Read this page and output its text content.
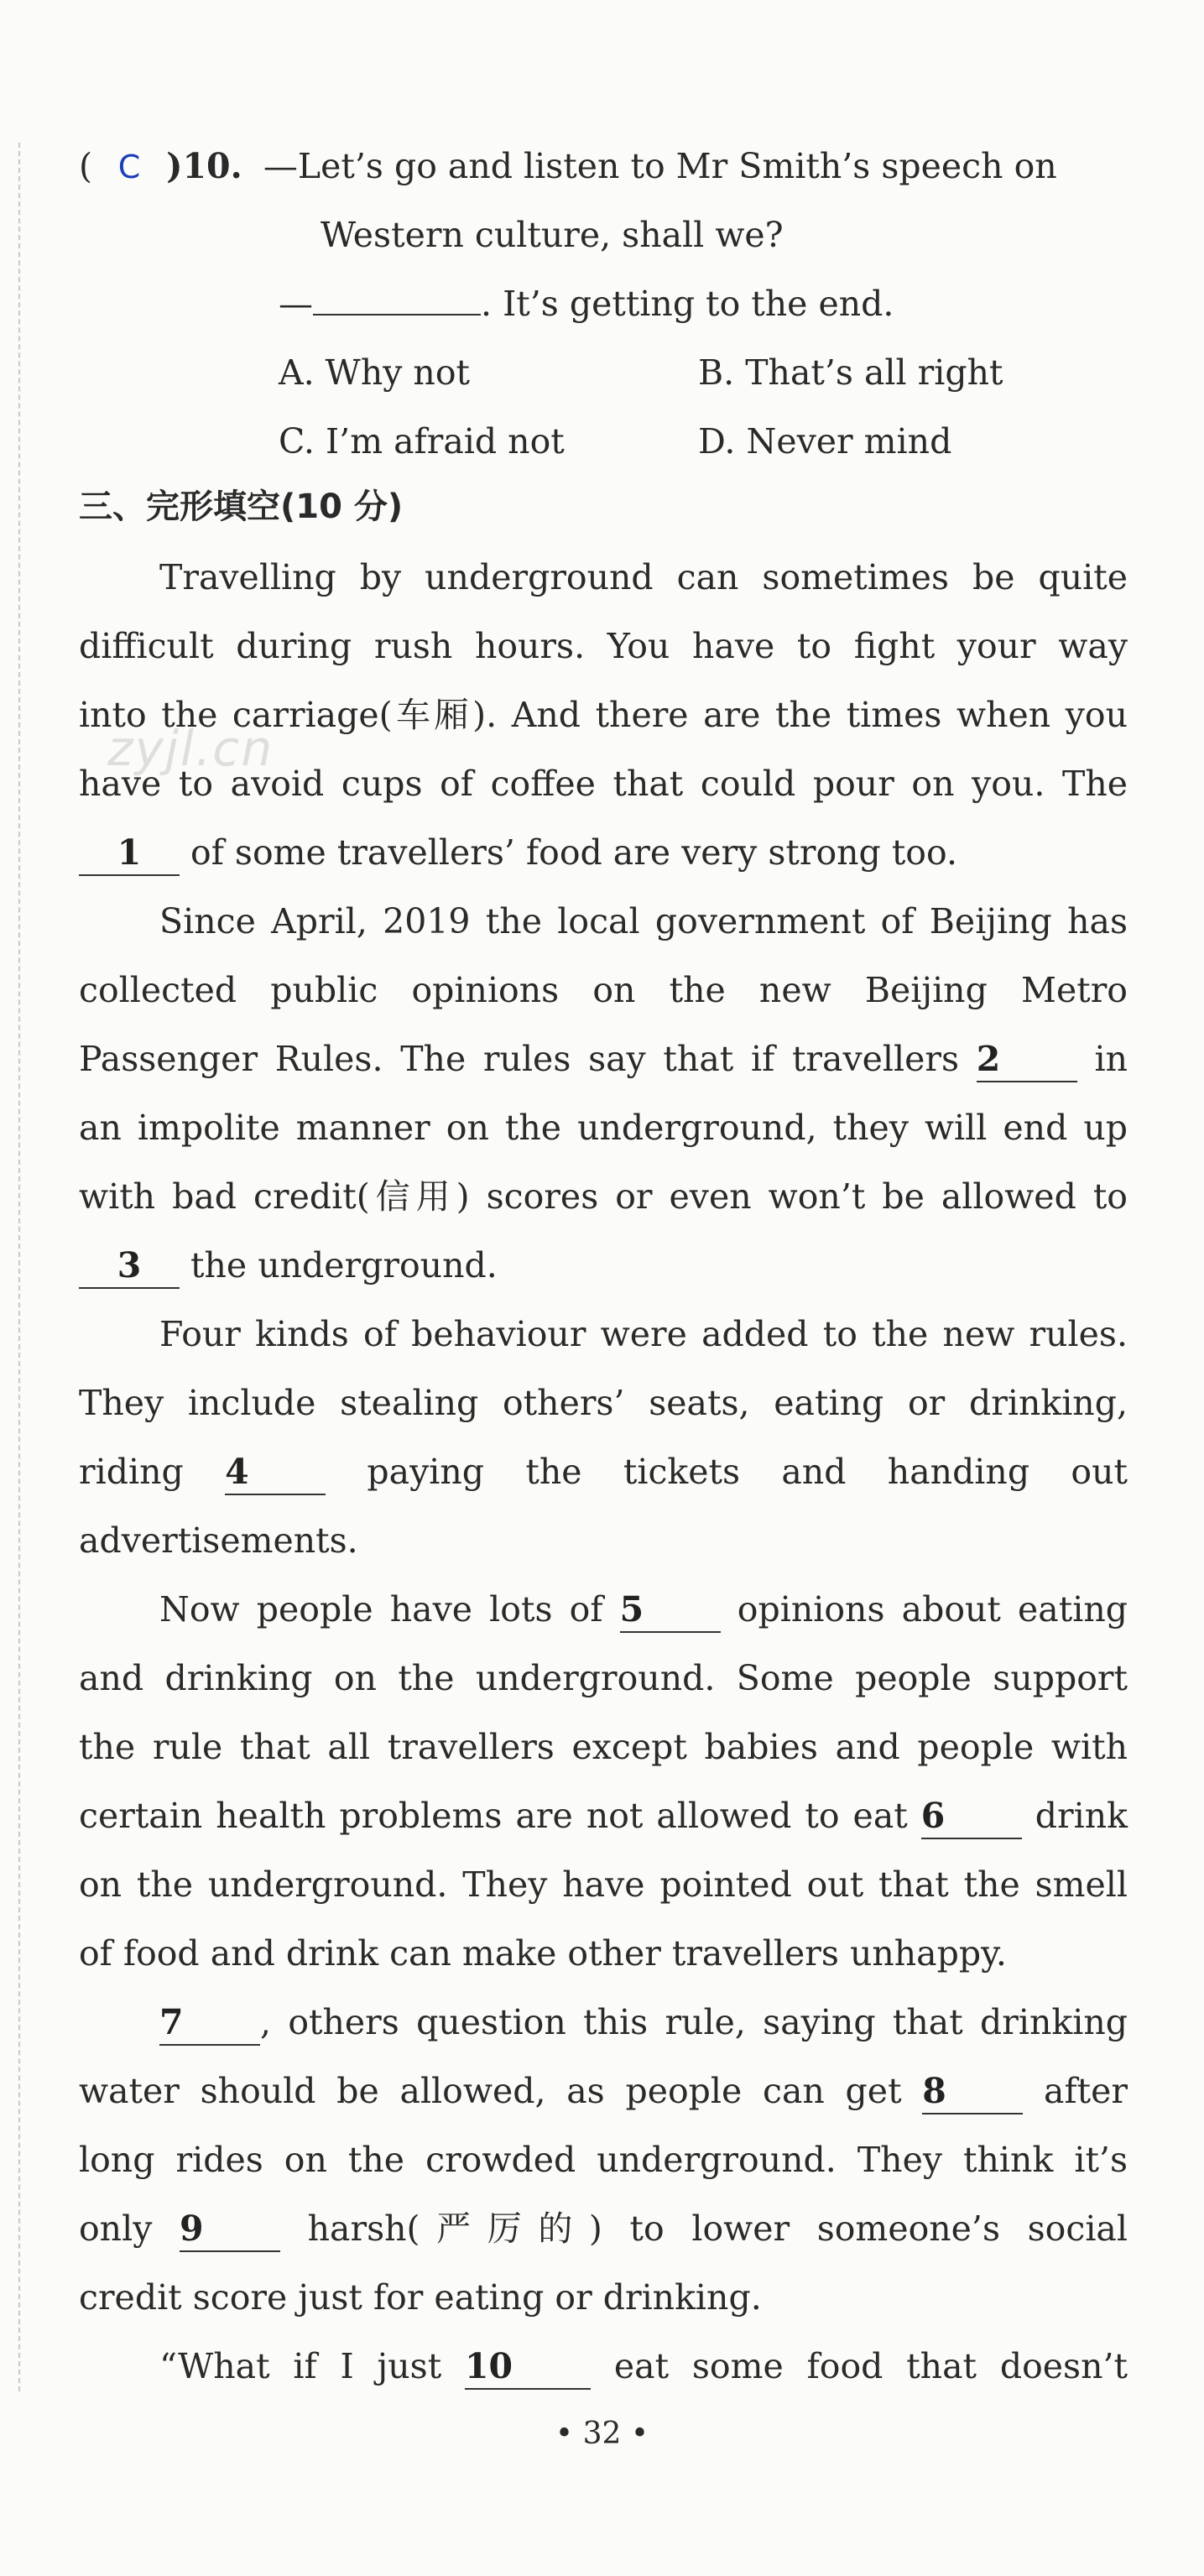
zyjl.cn
( C )10. —Let’s go and listen to Mr Smith’s speech on
Western culture, shall we?
—	. It’s getting to the end.
A. Why not	B. That’s all right
C. I’m afraid not	D. Never mind
三、完形填空(10 分)
Travelling by underground can sometimes be quite
difficult during rush hours. You have to fight your way
into the carriage(车厢). And there are the times when you
have to avoid cups of coffee that could pour on you. The
1 of some travellers’ food are very strong too.
Since April, 2019 the local government of Beijing has
collected public opinions on the new Beijing Metro
Passenger Rules. The rules say that if travellers 2 in
an impolite manner on the underground, they will end up
with bad credit(信用) scores or even won’t be allowed to
3 the underground.
Four kinds of behaviour were added to the new rules.
They include stealing others’ seats, eating or drinking,
riding 4	paying the tickets and handing out
advertisements.
Now people have lots of 5 opinions about eating
and drinking on the underground. Some people support
the rule that all travellers except babies and people with
certain health problems are not allowed to eat 6 drink
on the underground. They have pointed out that the smell
of food and drink can make other travellers unhappy.
7 , others question this rule, saying that drinking
water should be allowed, as people can get 8 after
long rides on the crowded underground. They think it’s
only 9	harsh(严厉的) to lower someone’s social
credit score just for eating or drinking.
“What if I just 10 eat some food that doesn’t
• 32 •
